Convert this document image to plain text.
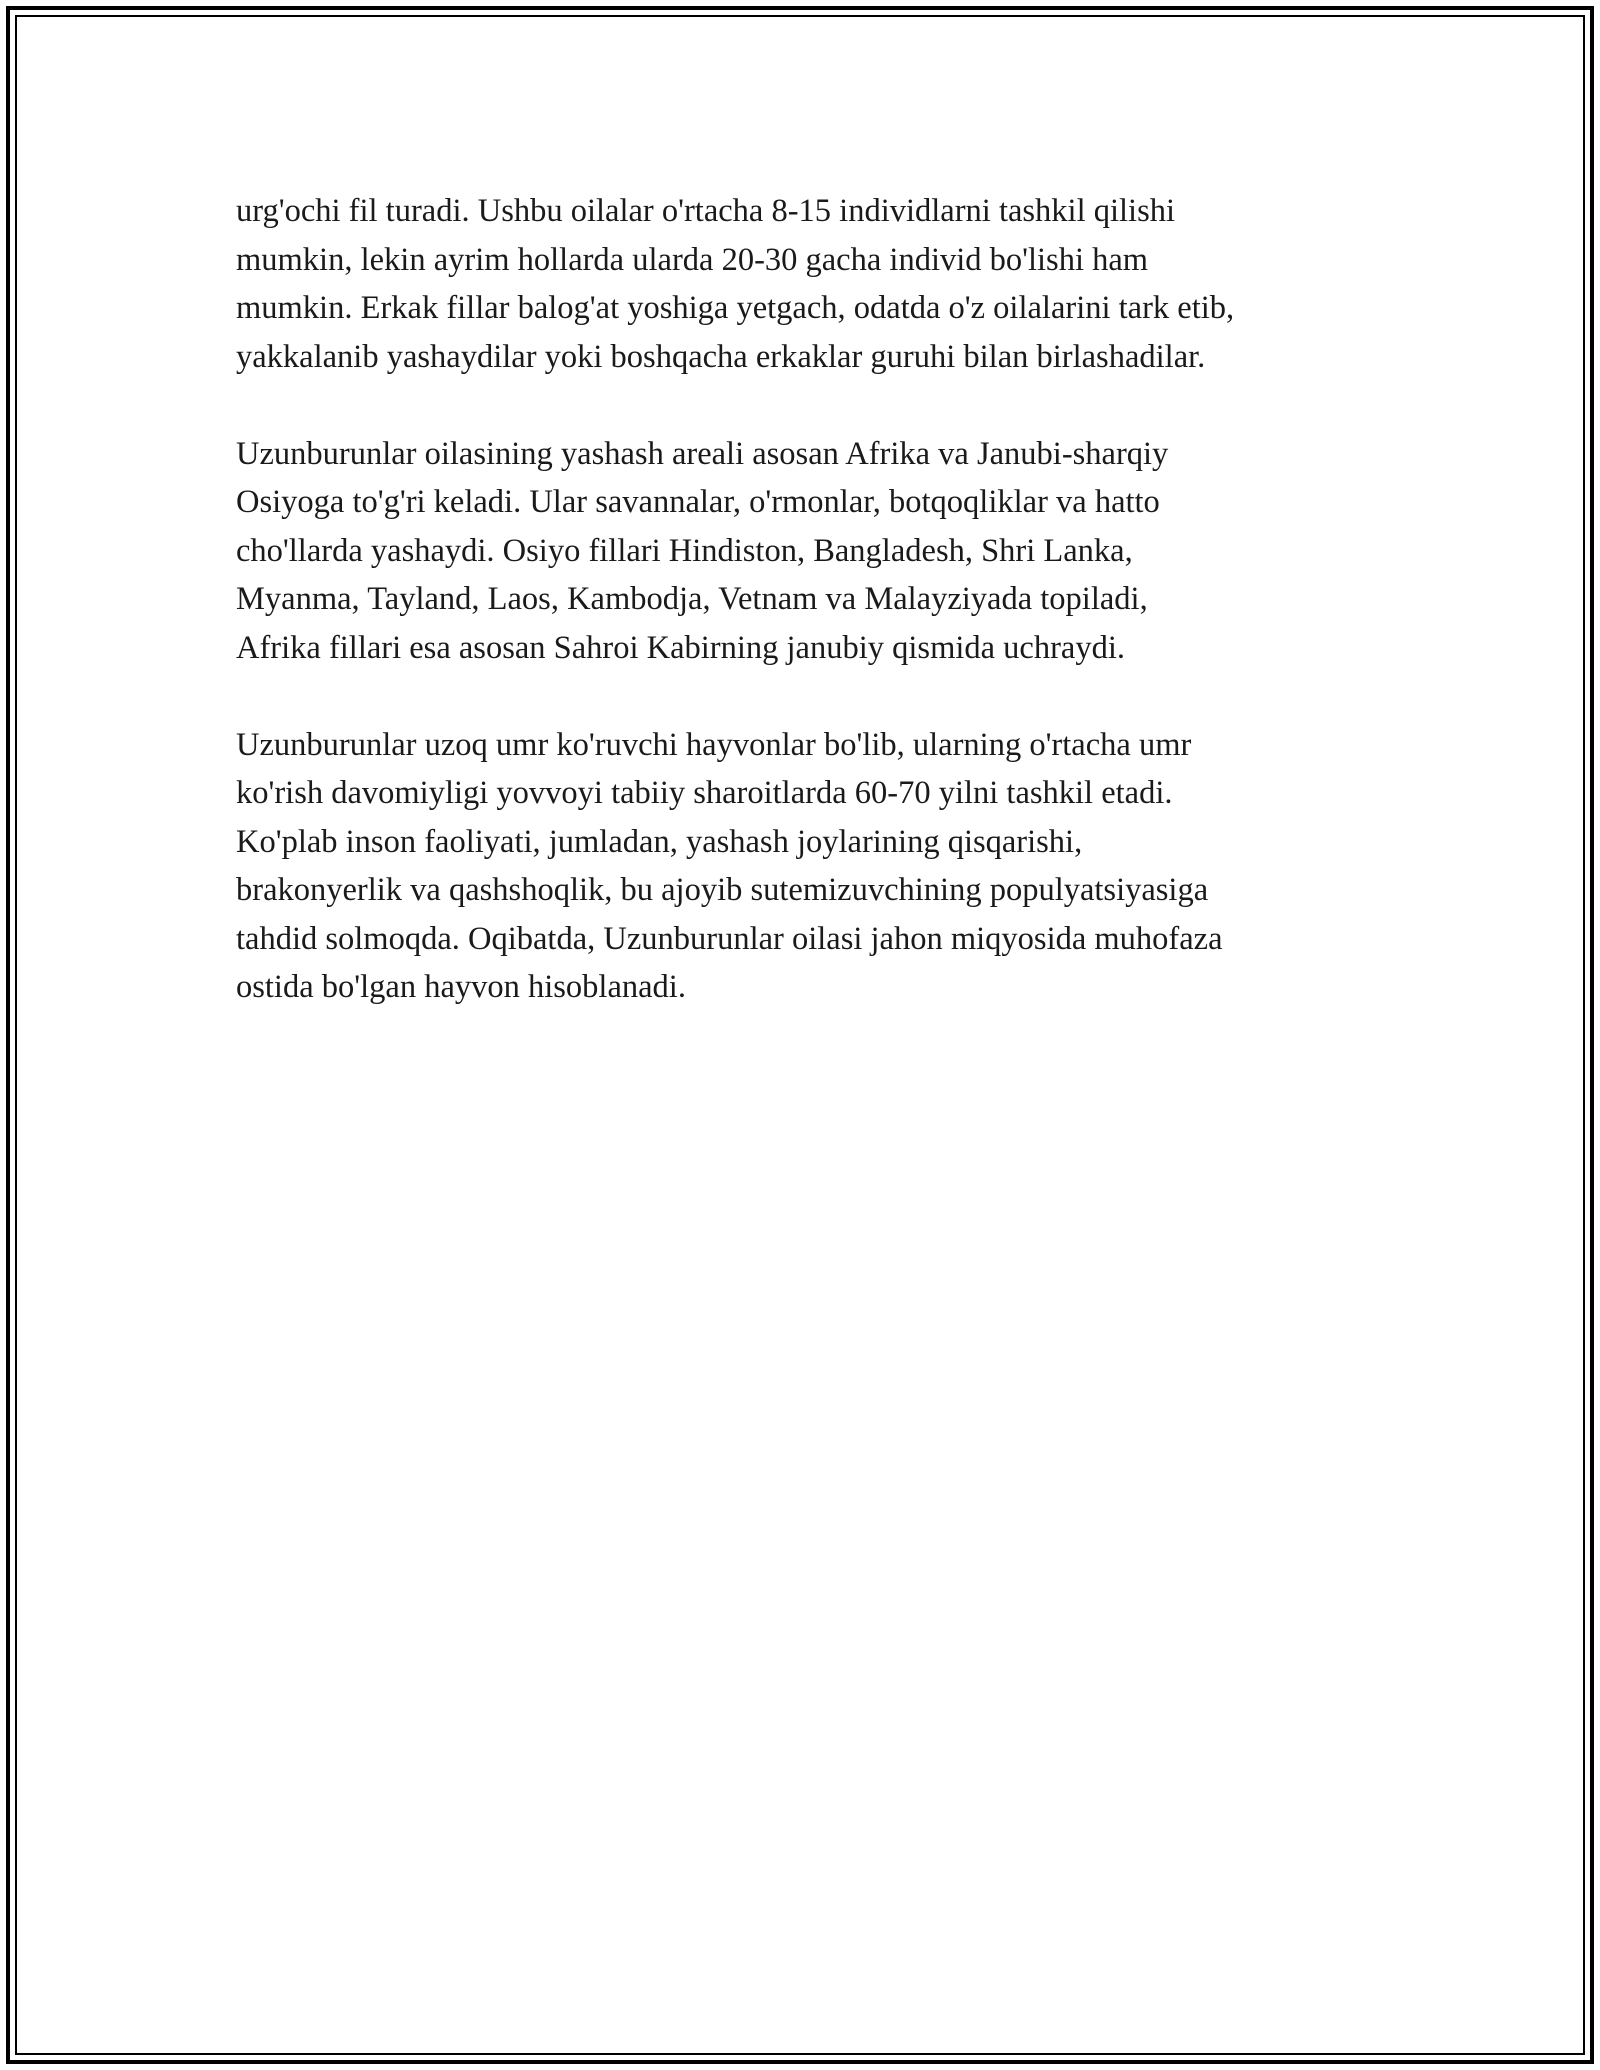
urg'ochi fil turadi. Ushbu oilalar o'rtacha 8-15 individlarni tashkil qilishi
mumkin, lekin ayrim hollarda ularda 20-30 gacha individ bo'lishi ham
mumkin. Erkak fillar balog'at yoshiga yetgach, odatda o'z oilalarini tark etib,
yakkalanib yashaydilar yoki boshqacha erkaklar guruhi bilan birlashadilar.

Uzunburunlar oilasining yashash areali asosan Afrika va Janubi-sharqiy
Osiyoga to'g'ri keladi. Ular savannalar, o'rmonlar, botqoqliklar va hatto
cho'llarda yashaydi. Osiyo fillari Hindiston, Bangladesh, Shri Lanka,
Myanma, Tayland, Laos, Kambodja, Vetnam va Malayziyada topiladi,
Afrika fillari esa asosan Sahroi Kabirning janubiy qismida uchraydi.

Uzunburunlar uzoq umr ko'ruvchi hayvonlar bo'lib, ularning o'rtacha umr
ko'rish davomiyligi yovvoyi tabiiy sharoitlarda 60-70 yilni tashkil etadi.
Ko'plab inson faoliyati, jumladan, yashash joylarining qisqarishi,
brakonyerlik va qashshoqlik, bu ajoyib sutemizuvchining populyatsiyasiga
tahdid solmoqda. Oqibatda, Uzunburunlar oilasi jahon miqyosida muhofaza
ostida bo'lgan hayvon hisoblanadi.
